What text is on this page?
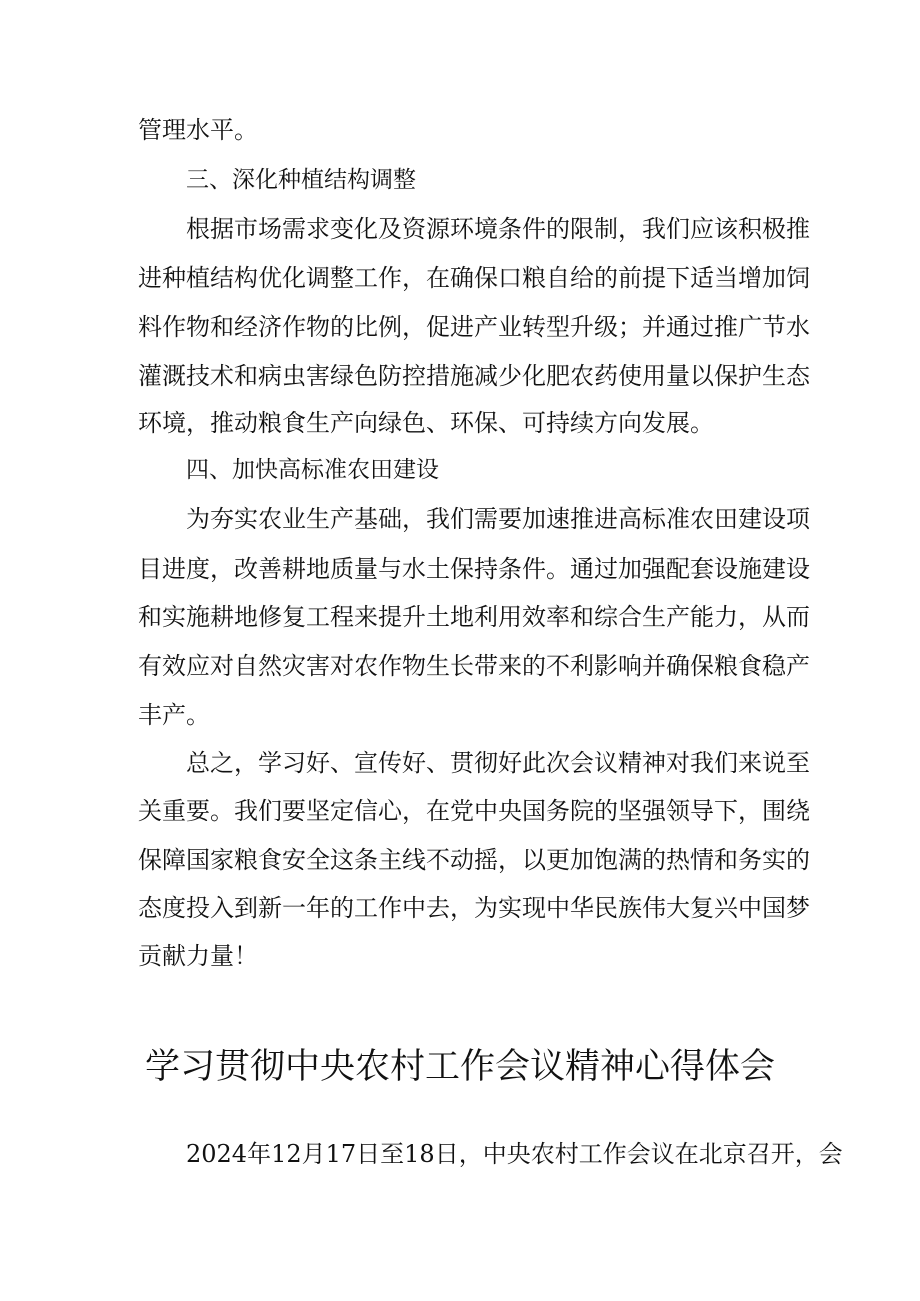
管理水平。
三、深化种植结构调整
根据市场需求变化及资源环境条件的限制，我们应该积极推
进种植结构优化调整工作，在确保口粮自给的前提下适当增加饲
料作物和经济作物的比例，促进产业转型升级；并通过推广节水
灌溉技术和病虫害绿色防控措施减少化肥农药使用量以保护生态
环境，推动粮食生产向绿色、环保、可持续方向发展。
四、加快高标准农田建设
为夯实农业生产基础，我们需要加速推进高标准农田建设项
目进度，改善耕地质量与水土保持条件。通过加强配套设施建设
和实施耕地修复工程来提升土地利用效率和综合生产能力，从而
有效应对自然灾害对农作物生长带来的不利影响并确保粮食稳产
丰产。
总之，学习好、宣传好、贯彻好此次会议精神对我们来说至
关重要。我们要坚定信心，在党中央国务院的坚强领导下，围绕
保障国家粮食安全这条主线不动摇，以更加饱满的热情和务实的
态度投入到新一年的工作中去，为实现中华民族伟大复兴中国梦
贡献力量！
学习贯彻中央农村工作会议精神心得体会
2024年12月17日至18日，中央农村工作会议在北京召开，会
